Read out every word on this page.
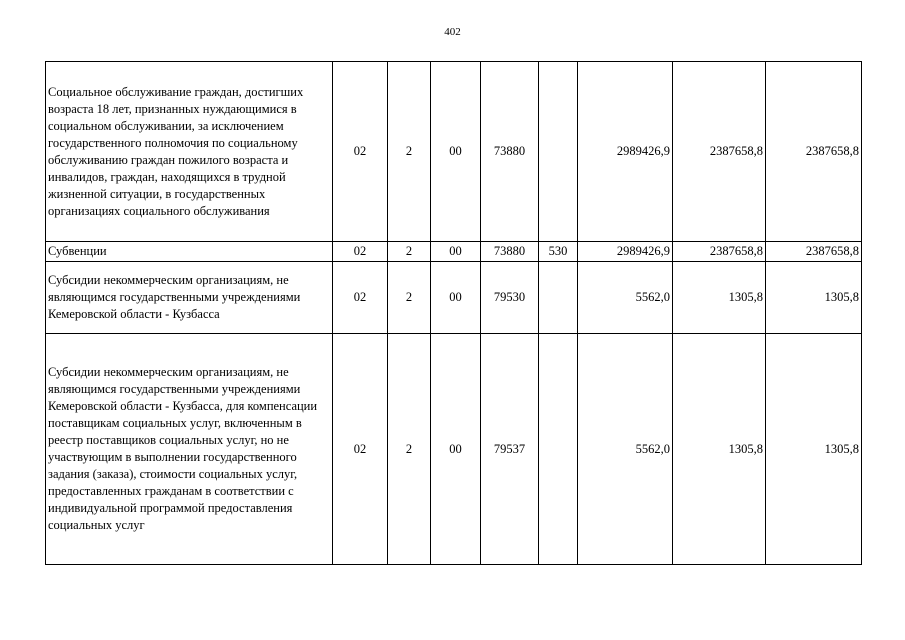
402
Социальное обслуживание граждан, достигших возраста 18 лет, признанных нуждающимися в социальном обслуживании, за исключением государственного полномочия по социальному обслуживанию граждан пожилого возраста и инвалидов, граждан, находящихся в трудной жизненной ситуации, в государственных организациях социального обслуживания	02	2	00	73880		2989426,9	2387658,8	2387658,8
Субвенции	02	2	00	73880	530	2989426,9	2387658,8	2387658,8
Субсидии некоммерческим организациям, не являющимся государственными учреждениями Кемеровской области - Кузбасса	02	2	00	79530		5562,0	1305,8	1305,8
Субсидии некоммерческим организациям, не являющимся государственными учреждениями Кемеровской области - Кузбасса, для компенсации поставщикам социальных услуг, включенным в реестр поставщиков социальных услуг, но не участвующим в выполнении государственного задания (заказа), стоимости социальных услуг, предоставленных гражданам в соответствии с индивидуальной программой предоставления социальных услуг	02	2	00	79537		5562,0	1305,8	1305,8
